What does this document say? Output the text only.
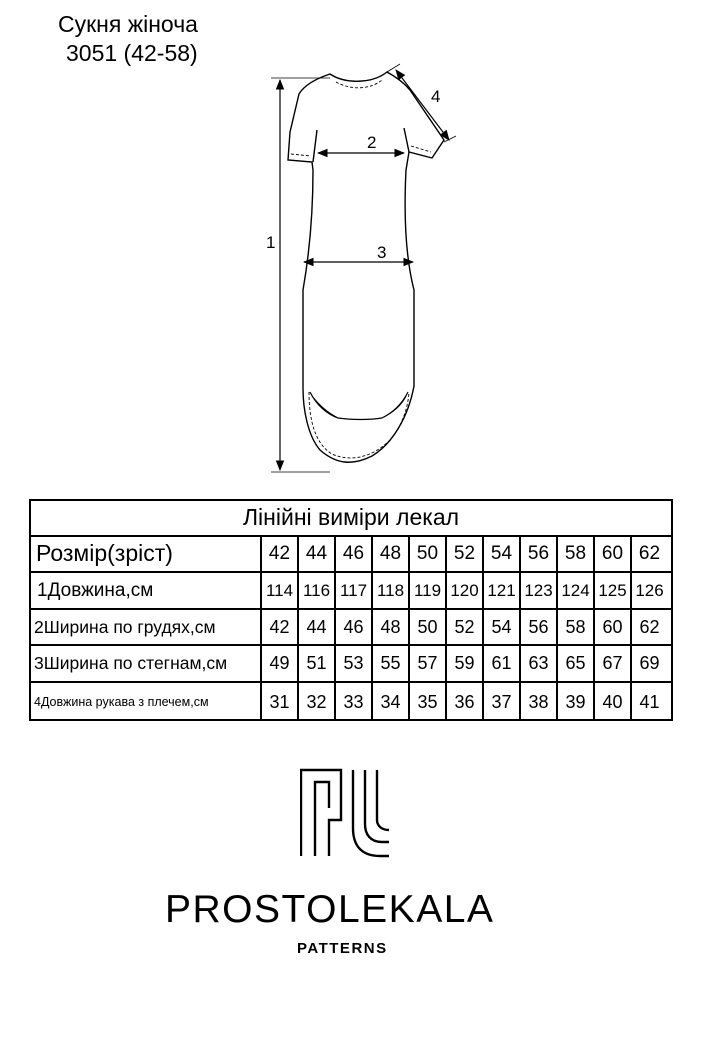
Сукня жіноча
3051 (42-58)
1
2
3
4
Лінійні виміри лекал
Розмір(зріст)	42 44 46 48 50 52 54 56 58 60 62
1Довжина,см	114 116 117 118 119 120 121 123 124 125 126
2Ширина по грудях,см	42 44 46 48 50 52 54 56 58 60 62
3Ширина по стегнам,см	49 51 53 55 57 59 61 63 65 67 69
4Довжина рукава з плечем,см	31 32 33 34 35 36 37 38 39 40 41
PROSTOLEKALA
PATTERNS
